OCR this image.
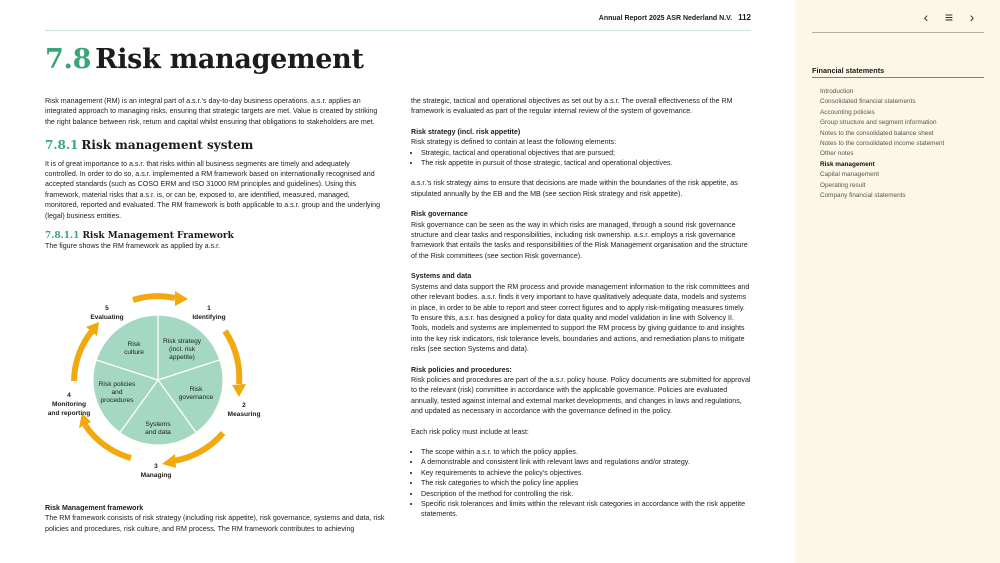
Annual Report 2025 ASR Nederland N.V. 112
7.8 Risk management

Risk management (RM) is an integral part of a.s.r.’s day-to-day business operations. a.s.r. applies an integrated approach to managing risks, ensuring that strategic targets are met. Value is created by striking the right balance between risk, return and capital whilst ensuring that obligations to stakeholders are met.

7.8.1 Risk management system

It is of great importance to a.s.r. that risks within all business segments are timely and adequately controlled. In order to do so, a.s.r. implemented a RM framework based on internationally recognised and accepted standards (such as COSO ERM and ISO 31000 RM principles and guidelines). Using this framework, material risks that a.s.r. is, or can be, exposed to, are identified, measured, managed, monitored, reported and evaluated. The RM framework is both applicable to a.s.r. group and the underlying (legal) business entities.

7.8.1.1 Risk Management Framework

The figure shows the RM framework as applied by a.s.r.

Risk strategy (incl. risk appetite)
Risk governance
Systems and data
Risk policies and procedures
Risk culture
1 Identifying
2 Measuring
3 Managing
4 Monitoring and reporting
5 Evaluating

Risk Management framework

The RM framework consists of risk strategy (including risk appetite), risk governance, systems and data, risk policies and procedures, risk culture, and RM process. The RM framework contributes to achieving

the strategic, tactical and operational objectives as set out by a.s.r. The overall effectiveness of the RM framework is evaluated as part of the regular internal review of the system of governance.

Risk strategy (incl. risk appetite)

Risk strategy is defined to contain at least the following elements:

• Strategic, tactical and operational objectives that are pursued;
• The risk appetite in pursuit of those strategic, tactical and operational objectives.

a.s.r.’s risk strategy aims to ensure that decisions are made within the boundaries of the risk appetite, as stipulated annually by the EB and the MB (see section Risk strategy and risk appetite).

Risk governance

Risk governance can be seen as the way in which risks are managed, through a sound risk governance structure and clear tasks and responsibilities, including risk ownership. a.s.r. employs a risk governance framework that entails the tasks and responsibilities of the Risk Management organisation and the structure of the Risk committees (see section Risk governance).

Systems and data

Systems and data support the RM process and provide management information to the risk committees and other relevant bodies. a.s.r. finds it very important to have qualitatively adequate data, models and systems in place, in order to be able to report and steer correct figures and to apply risk-mitigating measures timely. To ensure this, a.s.r. has designed a policy for data quality and model validation in line with Solvency II. Tools, models and systems are implemented to support the RM process by giving guidance to and insights into the key risk indicators, risk tolerance levels, boundaries and actions, and remediation plans to mitigate risks (see section Systems and data).

Risk policies and procedures:

Risk policies and procedures are part of the a.s.r. policy house. Policy documents are submitted for approval to the relevant (risk) committee in accordance with the applicable governance. Policies are evaluated annually, tested against internal and external market developments, and changes in laws and regulations, and updated as necessary in accordance with the governance defined in the policy.

Each risk policy must include at least:

• The scope within a.s.r. to which the policy applies.
• A demonstrable and consistent link with relevant laws and regulations and/or strategy.
• Key requirements to achieve the policy’s objectives.
• The risk categories to which the policy line applies
• Description of the method for controlling the risk.
• Specific risk tolerances and limits within the relevant risk categories in accordance with the risk appetite statements.
‹ ≡ ›
Financial statements
Introduction
Consolidated financial statements
Accounting policies
Group structure and segment information
Notes to the consolidated balance sheet
Notes to the consolidated income statement
Other notes
Risk management
Capital management
Operating result
Company financial statements
